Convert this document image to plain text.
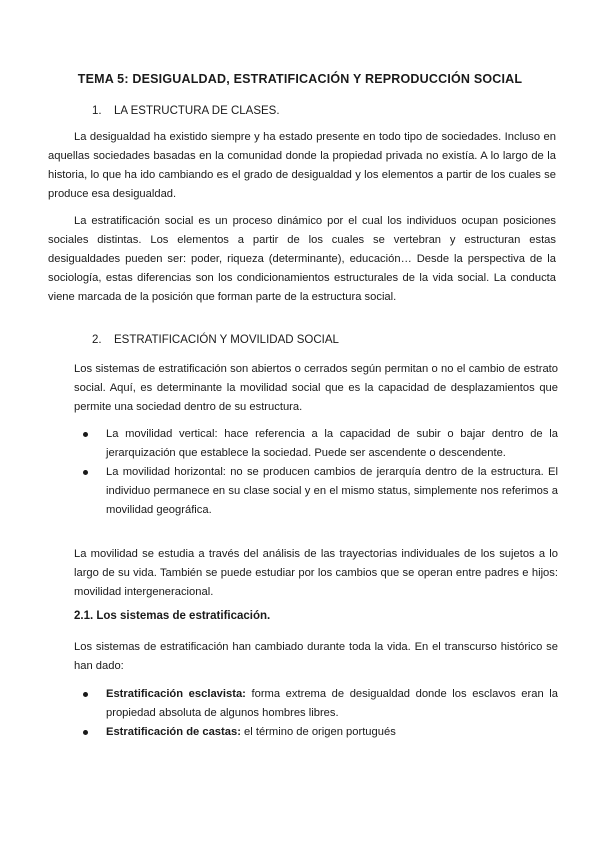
TEMA 5: DESIGUALDAD, ESTRATIFICACIÓN Y REPRODUCCIÓN SOCIAL
1. LA ESTRUCTURA DE CLASES.

La desigualdad ha existido siempre y ha estado presente en todo tipo de sociedades. Incluso en aquellas sociedades basadas en la comunidad donde la propiedad privada no existía. A lo largo de la historia, lo que ha ido cambiando es el grado de desigualdad y los elementos a partir de los cuales se produce esa desigualdad.

La estratificación social es un proceso dinámico por el cual los individuos ocupan posiciones sociales distintas. Los elementos a partir de los cuales se vertebran y estructuran estas desigualdades pueden ser: poder, riqueza (determinante), educación… Desde la perspectiva de la sociología, estas diferencias son los condicionamientos estructurales de la vida social. La conducta viene marcada de la posición que forman parte de la estructura social.

2. ESTRATIFICACIÓN Y MOVILIDAD SOCIAL

Los sistemas de estratificación son abiertos o cerrados según permitan o no el cambio de estrato social. Aquí, es determinante la movilidad social que es la capacidad de desplazamientos que permite una sociedad dentro de su estructura.

La movilidad vertical: hace referencia a la capacidad de subir o bajar dentro de la jerarquización que establece la sociedad. Puede ser ascendente o descendente.
La movilidad horizontal: no se producen cambios de jerarquía dentro de la estructura. El individuo permanece en su clase social y en el mismo status, simplemente nos referimos a movilidad geográfica.

La movilidad se estudia a través del análisis de las trayectorias individuales de los sujetos a lo largo de su vida. También se puede estudiar por los cambios que se operan entre padres e hijos: movilidad intergeneracional.

2.1. Los sistemas de estratificación.

Los sistemas de estratificación han cambiado durante toda la vida. En el transcurso histórico se han dado:

Estratificación esclavista: forma extrema de desigualdad donde los esclavos eran la propiedad absoluta de algunos hombres libres.
Estratificación de castas: el término de origen portugués
